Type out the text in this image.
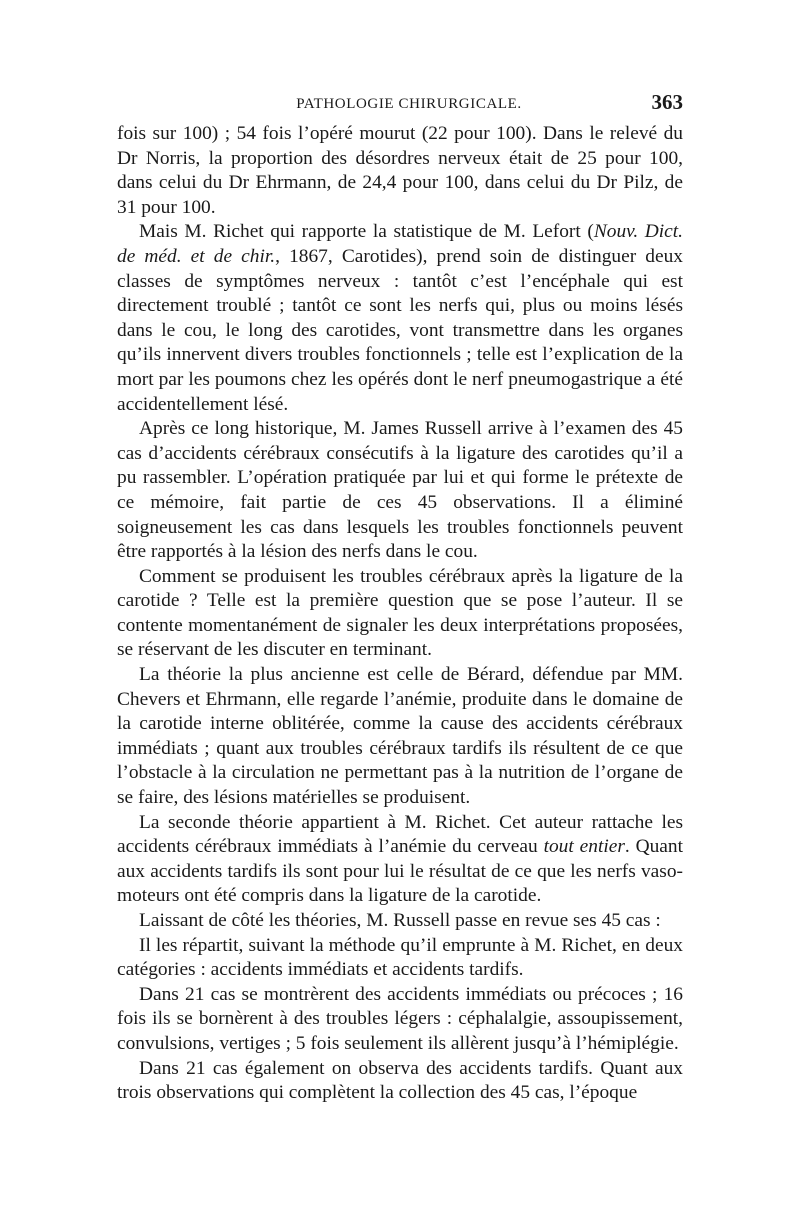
PATHOLOGIE CHIRURGICALE.	363

fois sur 100) ; 54 fois l’opéré mourut (22 pour 100). Dans le relevé du Dr Norris, la proportion des désordres nerveux était de 25 pour 100, dans celui du Dr Ehrmann, de 24,4 pour 100, dans celui du Dr Pilz, de 31 pour 100.

Mais M. Richet qui rapporte la statistique de M. Lefort (Nouv. Dict. de méd. et de chir., 1867, Carotides), prend soin de distinguer deux classes de symptômes nerveux : tantôt c’est l’encéphale qui est directement troublé ; tantôt ce sont les nerfs qui, plus ou moins lésés dans le cou, le long des carotides, vont transmettre dans les organes qu’ils innervent divers troubles fonctionnels ; telle est l’explication de la mort par les poumons chez les opérés dont le nerf pneumogastrique a été accidentellement lésé.

Après ce long historique, M. James Russell arrive à l’examen des 45 cas d’accidents cérébraux consécutifs à la ligature des carotides qu’il a pu rassembler. L’opération pratiquée par lui et qui forme le prétexte de ce mémoire, fait partie de ces 45 observations. Il a éliminé soigneusement les cas dans lesquels les troubles fonctionnels peuvent être rapportés à la lésion des nerfs dans le cou.

Comment se produisent les troubles cérébraux après la ligature de la carotide ? Telle est la première question que se pose l’auteur. Il se contente momentanément de signaler les deux interprétations proposées, se réservant de les discuter en terminant.

La théorie la plus ancienne est celle de Bérard, défendue par MM. Chevers et Ehrmann, elle regarde l’anémie, produite dans le domaine de la carotide interne oblitérée, comme la cause des accidents cérébraux immédiats ; quant aux troubles cérébraux tardifs ils résultent de ce que l’obstacle à la circulation ne permettant pas à la nutrition de l’organe de se faire, des lésions matérielles se produisent.

La seconde théorie appartient à M. Richet. Cet auteur rattache les accidents cérébraux immédiats à l’anémie du cerveau tout entier. Quant aux accidents tardifs ils sont pour lui le résultat de ce que les nerfs vaso-moteurs ont été compris dans la ligature de la carotide.

Laissant de côté les théories, M. Russell passe en revue ses 45 cas :

Il les répartit, suivant la méthode qu’il emprunte à M. Richet, en deux catégories : accidents immédiats et accidents tardifs.

Dans 21 cas se montrèrent des accidents immédiats ou précoces ; 16 fois ils se bornèrent à des troubles légers : céphalalgie, assoupissement, convulsions, vertiges ; 5 fois seulement ils allèrent jusqu’à l’hémiplégie.

Dans 21 cas également on observa des accidents tardifs. Quant aux trois observations qui complètent la collection des 45 cas, l’époque
